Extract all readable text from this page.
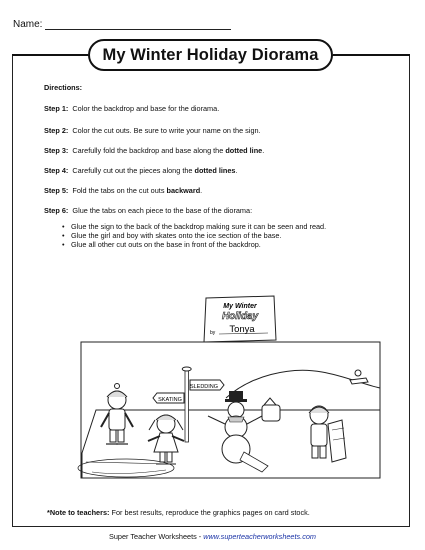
Name:
My Winter Holiday Diorama
Directions:
Step 1: Color the backdrop and base for the diorama.
Step 2: Color the cut outs. Be sure to write your name on the sign.
Step 3: Carefully fold the backdrop and base along the dotted line.
Step 4: Carefully cut out the pieces along the dotted lines.
Step 5: Fold the tabs on the cut outs backward.
Step 6: Glue the tabs on each piece to the base of the diorama:
• Glue the sign to the back of the backdrop making sure it can be seen and read.
• Glue the girl and boy with skates onto the ice section of the base.
• Glue all other cut outs on the base in front of the backdrop.
My Winter
Holiday
by Tonya
SLEDDING
SKATING
*Note to teachers: For best results, reproduce the graphics pages on card stock.
Super Teacher Worksheets - www.superteacherworksheets.com
